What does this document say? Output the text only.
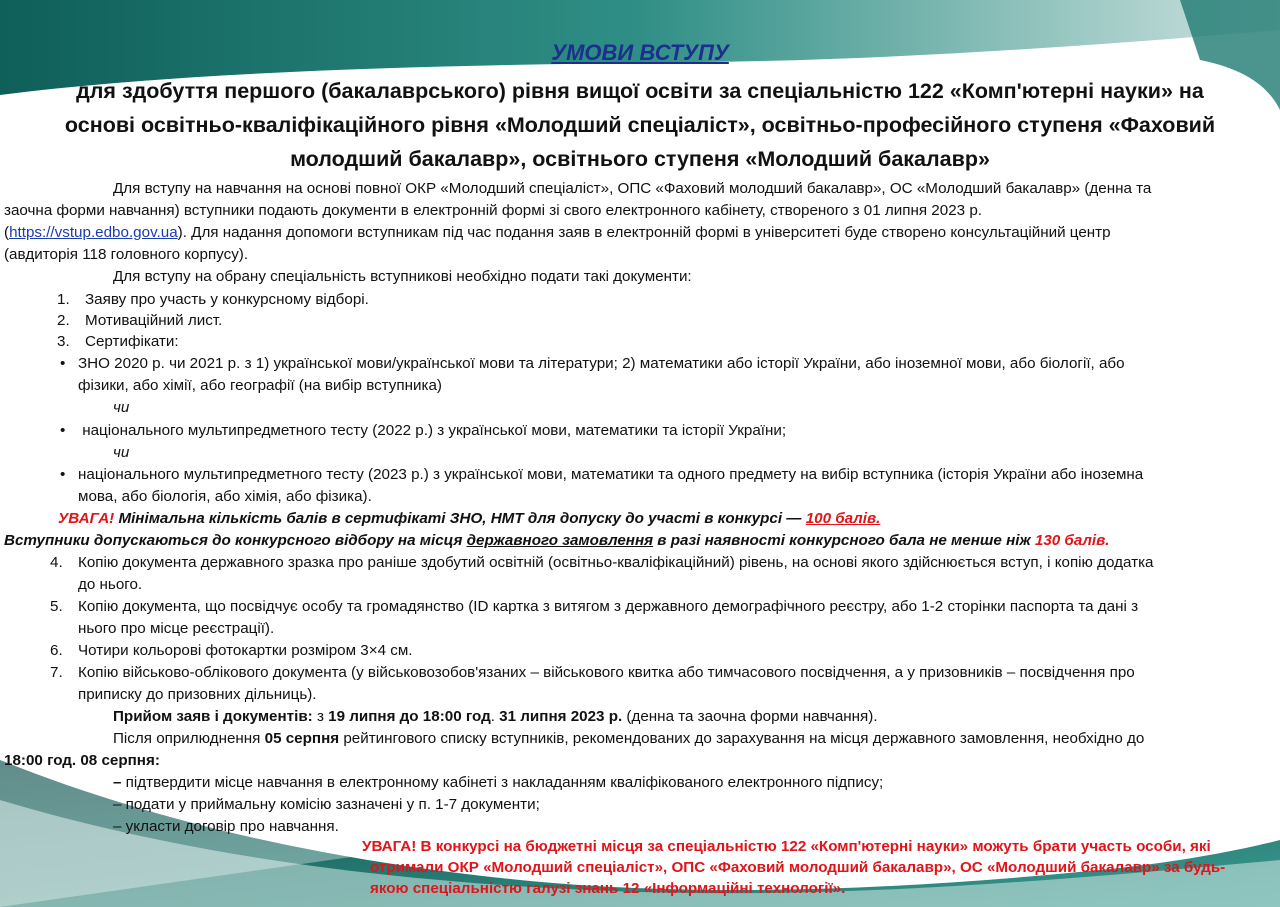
УМОВИ ВСТУПУ
для здобуття першого (бакалаврського) рівня вищої освіти за спеціальністю 122 «Комп'ютерні науки» на
основі освітньо-кваліфікаційного рівня «Молодший спеціаліст», освітньо-професійного ступеня «Фаховий
молодший бакалавр», освітнього ступеня «Молодший бакалавр»
Для вступу на навчання на основі повної ОКР «Молодший спеціаліст», ОПС «Фаховий молодший бакалавр», ОС «Молодший бакалавр» (денна та
заочна форми навчання) вступники подають документи в електронній формі зі свого електронного кабінету, створеного з 01 липня 2023 р.
(https://vstup.edbo.gov.ua). Для надання допомоги вступникам під час подання заяв в електронній формі в університеті буде створено консультаційний центр
(авдиторія 118 головного корпусу).
Для вступу на обрану спеціальність вступникові необхідно подати такі документи:
1. Заяву про участь у конкурсному відборі.
2. Мотиваційний лист.
3. Сертифікати:
• ЗНО 2020 р. чи 2021 р. з 1) української мови/української мови та літератури; 2) математики або історії України, або іноземної мови, або біології, або
фізики, або хімії, або географії (на вибір вступника)
чи
• національного мультипредметного тесту (2022 р.) з української мови, математики та історії України;
чи
• національного мультипредметного тесту (2023 р.) з української мови, математики та одного предмету на вибір вступника (історія України або іноземна
мова, або біологія, або хімія, або фізика).
УВАГА! Мінімальна кількість балів в сертифікаті ЗНО, НМТ для допуску до участі в конкурсі — 100 балів.
Вступники допускаються до конкурсного відбору на місця державного замовлення в разі наявності конкурсного бала не менше ніж 130 балів.
4. Копію документа державного зразка про раніше здобутий освітній (освітньо-кваліфікаційний) рівень, на основі якого здійснюється вступ, і копію додатка
до нього.
5. Копію документа, що посвідчує особу та громадянство (ID картка з витягом з державного демографічного реєстру, або 1-2 сторінки паспорта та дані з
нього про місце реєстрації).
6. Чотири кольорові фотокартки розміром 3×4 см.
7. Копію військово-облікового документа (у військовозобов'язаних – військового квитка або тимчасового посвідчення, а у призовників – посвідчення про
приписку до призовних дільниць).
Прийом заяв і документів: з 19 липня до 18:00 год. 31 липня 2023 р. (денна та заочна форми навчання).
Після оприлюднення 05 серпня рейтингового списку вступників, рекомендованих до зарахування на місця державного замовлення, необхідно до
18:00 год. 08 серпня:
– підтвердити місце навчання в електронному кабінеті з накладанням кваліфікованого електронного підпису;
– подати у приймальну комісію зазначені у п. 1-7 документи;
– укласти договір про навчання.
УВАГА! В конкурсі на бюджетні місця за спеціальністю 122 «Комп'ютерні науки» можуть брати участь особи, які
отримали ОКР «Молодший спеціаліст», ОПС «Фаховий молодший бакалавр», ОС «Молодший бакалавр» за будь-
якою спеціальністю галузі знань 12 «Інформаційні технології».
